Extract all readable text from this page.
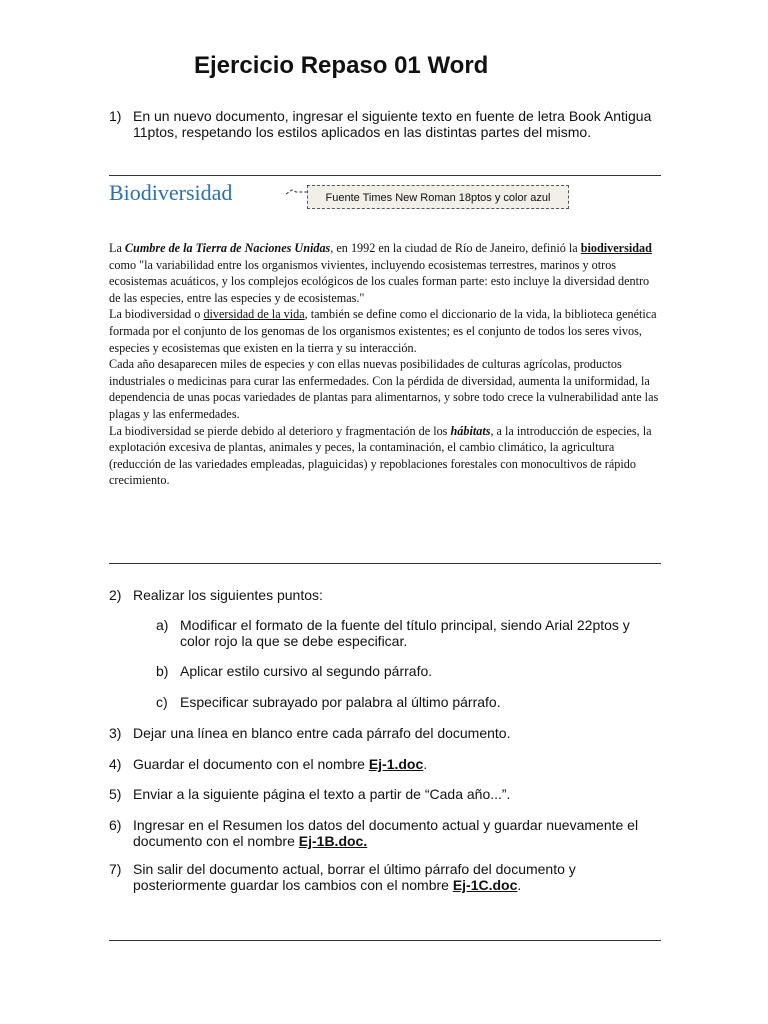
Ejercicio Repaso 01 Word
1) En un nuevo documento, ingresar el siguiente texto en fuente de letra Book Antigua 11ptos, respetando los estilos aplicados en las distintas partes del mismo.
Biodiversidad	Fuente Times New Roman 18ptos y color azul

La Cumbre de la Tierra de Naciones Unidas, en 1992 en la ciudad de Río de Janeiro, definió la biodiversidad como "la variabilidad entre los organismos vivientes, incluyendo ecosistemas terrestres, marinos y otros ecosistemas acuáticos, y los complejos ecológicos de los cuales forman parte: esto incluye la diversidad dentro de las especies, entre las especies y de ecosistemas."

La biodiversidad o diversidad de la vida, también se define como el diccionario de la vida, la biblioteca genética formada por el conjunto de los genomas de los organismos existentes; es el conjunto de todos los seres vivos, especies y ecosistemas que existen en la tierra y su interacción.

Cada año desaparecen miles de especies y con ellas nuevas posibilidades de culturas agrícolas, productos industriales o medicinas para curar las enfermedades. Con la pérdida de diversidad, aumenta la uniformidad, la dependencia de unas pocas variedades de plantas para alimentarnos, y sobre todo crece la vulnerabilidad ante las plagas y las enfermedades.

La biodiversidad se pierde debido al deterioro y fragmentación de los hábitats, a la introducción de especies, la explotación excesiva de plantas, animales y peces, la contaminación, el cambio climático, la agricultura (reducción de las variedades empleadas, plaguicidas) y repoblaciones forestales con monocultivos de rápido crecimiento.

2) Realizar los siguientes puntos:
a) Modificar el formato de la fuente del título principal, siendo Arial 22ptos y color rojo la que se debe especificar.
b) Aplicar estilo cursivo al segundo párrafo.
c) Especificar subrayado por palabra al último párrafo.
3) Dejar una línea en blanco entre cada párrafo del documento.
4) Guardar el documento con el nombre Ej-1.doc.
5) Enviar a la siguiente página el texto a partir de “Cada año...”.
6) Ingresar en el Resumen los datos del documento actual y guardar nuevamente el documento con el nombre Ej-1B.doc.
7) Sin salir del documento actual, borrar el último párrafo del documento y posteriormente guardar los cambios con el nombre Ej-1C.doc.
